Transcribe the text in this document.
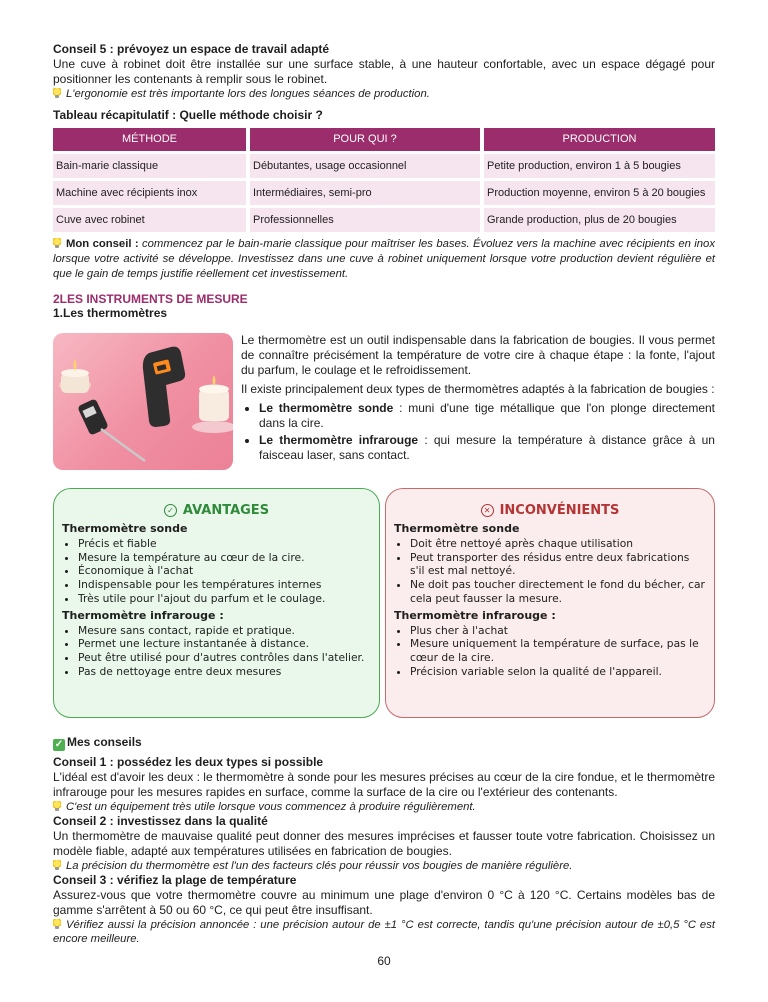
Conseil 5 : prévoyez un espace de travail adapté

Une cuve à robinet doit être installée sur une surface stable, à une hauteur confortable, avec un espace dégagé pour positionner les contenants à remplir sous le robinet.

L'ergonomie est très importante lors des longues séances de production.

Tableau récapitulatif : Quelle méthode choisir ?

MÉTHODE	POUR QUI ?	PRODUCTION
Bain-marie classique	Débutantes, usage occasionnel	Petite production, environ 1 à 5 bougies
Machine avec récipients inox	Intermédiaires, semi-pro	Production moyenne, environ 5 à 20 bougies
Cuve avec robinet	Professionnelles	Grande production, plus de 20 bougies

Mon conseil : commencez par le bain-marie classique pour maîtriser les bases. Évoluez vers la machine avec récipients en inox lorsque votre activité se développe. Investissez dans une cuve à robinet uniquement lorsque votre production devient régulière et que le gain de temps justifie réellement cet investissement.

2LES INSTRUMENTS DE MESURE

1.Les thermomètres

Le thermomètre est un outil indispensable dans la fabrication de bougies. Il vous permet de connaître précisément la température de votre cire à chaque étape : la fonte, l'ajout du parfum, le coulage et le refroidissement.

Il existe principalement deux types de thermomètres adaptés à la fabrication de bougies :

• Le thermomètre sonde : muni d'une tige métallique que l'on plonge directement dans la cire.
• Le thermomètre infrarouge : qui mesure la température à distance grâce à un faisceau laser, sans contact.
✓ AVANTAGES
Thermomètre sonde
• Précis et fiable
• Mesure la température au cœur de la cire.
• Économique à l'achat
• Indispensable pour les températures internes
• Très utile pour l'ajout du parfum et le coulage.
Thermomètre infrarouge :
• Mesure sans contact, rapide et pratique.
• Permet une lecture instantanée à distance.
• Peut être utilisé pour d'autres contrôles dans l'atelier.
• Pas de nettoyage entre deux mesures
✕ INCONVÉNIENTS
Thermomètre sonde
• Doit être nettoyé après chaque utilisation
• Peut transporter des résidus entre deux fabrications s'il est mal nettoyé.
• Ne doit pas toucher directement le fond du bécher, car cela peut fausser la mesure.
Thermomètre infrarouge :
• Plus cher à l'achat
• Mesure uniquement la température de surface, pas le cœur de la cire.
• Précision variable selon la qualité de l'appareil.

✓ Mes conseils

Conseil 1 : possédez les deux types si possible

L'idéal est d'avoir les deux : le thermomètre à sonde pour les mesures précises au cœur de la cire fondue, et le thermomètre infrarouge pour les mesures rapides en surface, comme la surface de la cire ou l'extérieur des contenants.

C'est un équipement très utile lorsque vous commencez à produire régulièrement.

Conseil 2 : investissez dans la qualité

Un thermomètre de mauvaise qualité peut donner des mesures imprécises et fausser toute votre fabrication. Choisissez un modèle fiable, adapté aux températures utilisées en fabrication de bougies.

La précision du thermomètre est l'un des facteurs clés pour réussir vos bougies de manière régulière.

Conseil 3 : vérifiez la plage de température

Assurez-vous que votre thermomètre couvre au minimum une plage d'environ 0 °C à 120 °C. Certains modèles bas de gamme s'arrêtent à 50 ou 60 °C, ce qui peut être insuffisant.

Vérifiez aussi la précision annoncée : une précision autour de ±1 °C est correcte, tandis qu'une précision autour de ±0,5 °C est encore meilleure.

60
